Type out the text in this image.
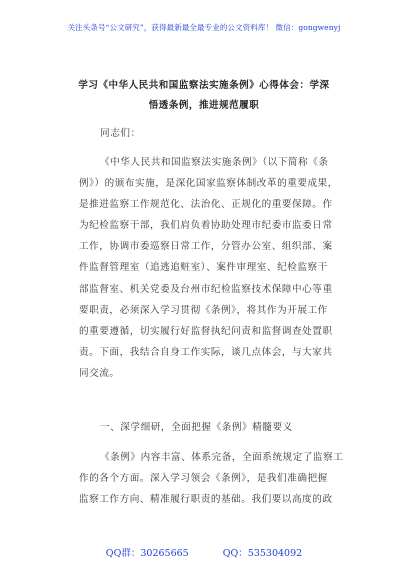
关注头条号“公文研究”，获得最新最全最专业的公文资料库！ 微信：gongwenyj
学习《中华人民共和国监察法实施条例》心得体会：学深
悟透条例，推进规范履职
同志们：
《中华人民共和国监察法实施条例》（以下简称《条
例》）的颁布实施，是深化国家监察体制改革的重要成果，
是推进监察工作规范化、法治化、正规化的重要保障。作
为纪检监察干部，我们肩负着协助处理市纪委市监委日常
工作，协调市委巡察日常工作，分管办公室、组织部、案
件监督管理室（追逃追赃室）、案件审理室、纪检监察干
部监督室、机关党委及台州市纪检监察技术保障中心等重
要职责，必须深入学习贯彻《条例》，将其作为开展工作
的重要遵循，切实履行好监督执纪问责和监督调查处置职
责。下面，我结合自身工作实际，谈几点体会，与大家共
同交流。
一、深学细研，全面把握《条例》精髓要义
《条例》内容丰富、体系完备，全面系统规定了监察工
作的各个方面。深入学习领会《条例》，是我们准确把握
监察工作方向、精准履行职责的基础。我们要以高度的政
QQ群：30265665	QQ：535304092
